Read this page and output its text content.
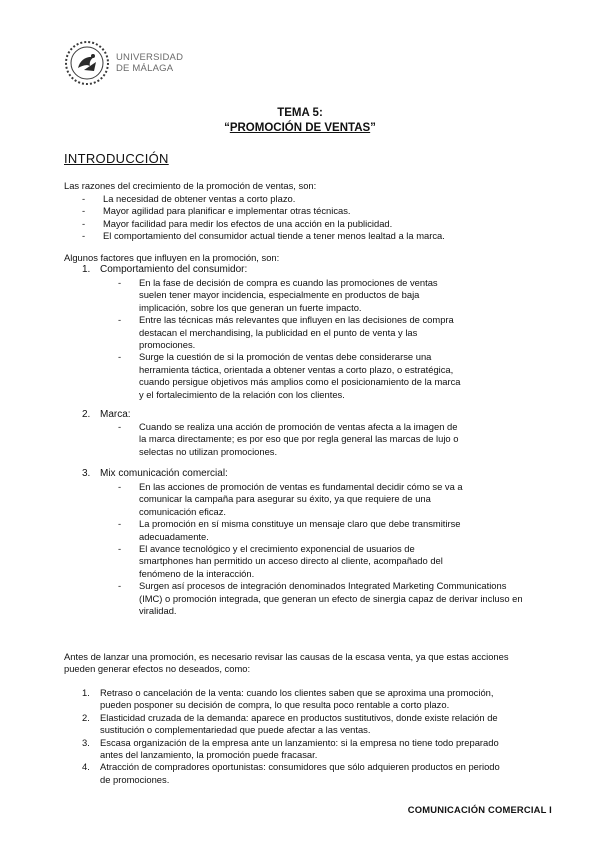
UNIVERSIDAD
DE MÁLAGA
TEMA 5:
“PROMOCIÓN DE VENTAS”
INTRODUCCIÓN
Las razones del crecimiento de la promoción de ventas, son:
- La necesidad de obtener ventas a corto plazo.
- Mayor agilidad para planificar e implementar otras técnicas.
- Mayor facilidad para medir los efectos de una acción en la publicidad.
- El comportamiento del consumidor actual tiende a tener menos lealtad a la marca.
Algunos factores que influyen en la promoción, son:
1. Comportamiento del consumidor:
- En la fase de decisión de compra es cuando las promociones de ventas
suelen tener mayor incidencia, especialmente en productos de baja
implicación, sobre los que generan un fuerte impacto.
- Entre las técnicas más relevantes que influyen en las decisiones de compra
destacan el merchandising, la publicidad en el punto de venta y las
promociones.
- Surge la cuestión de si la promoción de ventas debe considerarse una
herramienta táctica, orientada a obtener ventas a corto plazo, o estratégica,
cuando persigue objetivos más amplios como el posicionamiento de la marca
y el fortalecimiento de la relación con los clientes.
2. Marca:
- Cuando se realiza una acción de promoción de ventas afecta a la imagen de
la marca directamente; es por eso que por regla general las marcas de lujo o
selectas no utilizan promociones.
3. Mix comunicación comercial:
- En las acciones de promoción de ventas es fundamental decidir cómo se va a
comunicar la campaña para asegurar su éxito, ya que requiere de una
comunicación eficaz.
- La promoción en sí misma constituye un mensaje claro que debe transmitirse
adecuadamente.
- El avance tecnológico y el crecimiento exponencial de usuarios de
smartphones han permitido un acceso directo al cliente, acompañado del
fenómeno de la interacción.
- Surgen así procesos de integración denominados Integrated Marketing Communications
(IMC) o promoción integrada, que generan un efecto de sinergia capaz de derivar incluso en
viralidad.
Antes de lanzar una promoción, es necesario revisar las causas de la escasa venta, ya que estas acciones
pueden generar efectos no deseados, como:
1. Retraso o cancelación de la venta: cuando los clientes saben que se aproxima una promoción,
pueden posponer su decisión de compra, lo que resulta poco rentable a corto plazo.
2. Elasticidad cruzada de la demanda: aparece en productos sustitutivos, donde existe relación de
sustitución o complementariedad que puede afectar a las ventas.
3. Escasa organización de la empresa ante un lanzamiento: si la empresa no tiene todo preparado
antes del lanzamiento, la promoción puede fracasar.
4. Atracción de compradores oportunistas: consumidores que sólo adquieren productos en periodo
de promociones.
COMUNICACIÓN COMERCIAL I
